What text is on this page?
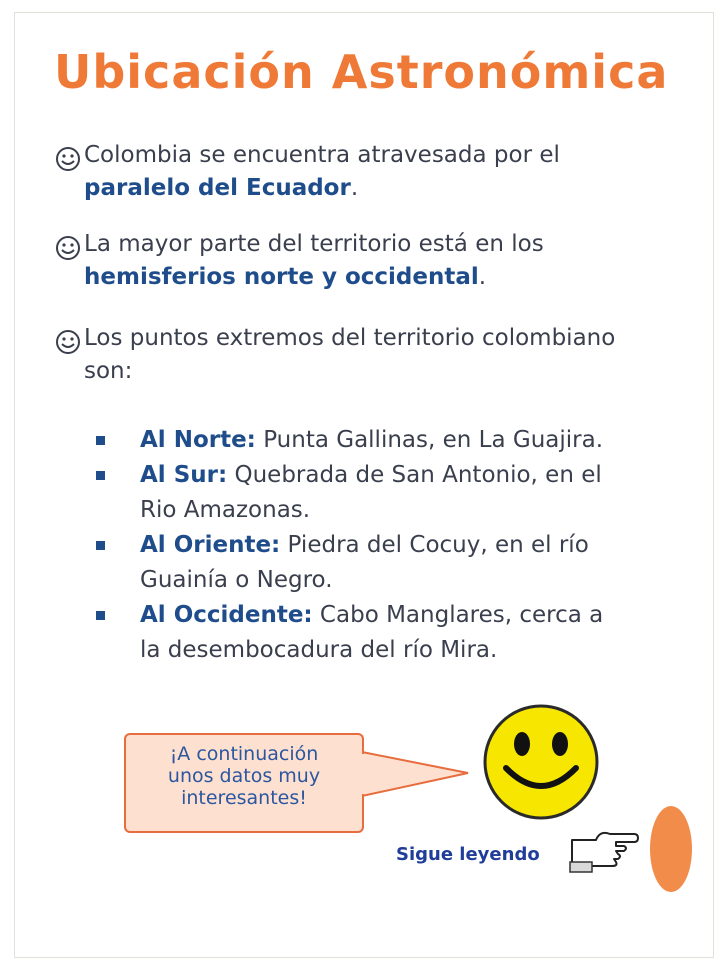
Ubicación Astronómica
Colombia se encuentra atravesada por el
paralelo del Ecuador.
La mayor parte del territorio está en los
hemisferios norte y occidental.
Los puntos extremos del territorio colombiano
son:
Al Norte: Punta Gallinas, en La Guajira.
Al Sur: Quebrada de San Antonio, en el
Rio Amazonas.
Al Oriente: Piedra del Cocuy, en el río
Guainía o Negro.
Al Occidente: Cabo Manglares, cerca a
la desembocadura del río Mira.
¡A continuación
unos datos muy
interesantes!
Sigue leyendo
